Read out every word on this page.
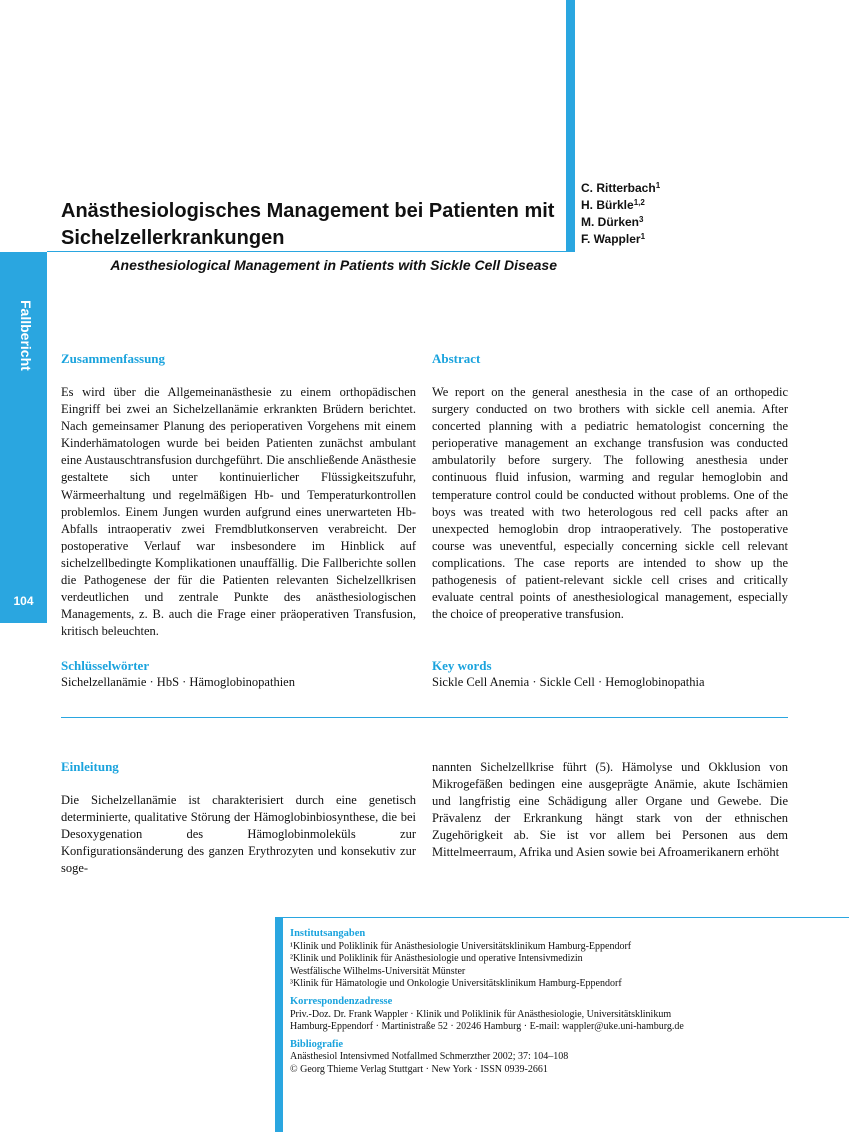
Fallbericht
104
Anästhesiologisches Management bei Patienten mit
Sichelzellerkrankungen
Anesthesiological Management in Patients with Sickle Cell Disease
C. Ritterbach$^1$
H. Bürkle$^{1,2}$
M. Dürken$^3$
F. Wappler$^1$
Zusammenfassung	Abstract
Es wird über die Allgemeinanästhesie zu einem orthopädischen Eingriff bei zwei an Sichelzellanämie erkrankten Brüdern berichtet. Nach gemeinsamer Planung des perioperativen Vorgehens mit einem Kinderhämatologen wurde bei beiden Patienten zunächst ambulant eine Austauschtransfusion durchgeführt. Die anschließende Anästhesie gestaltete sich unter kontinuierlicher Flüssigkeitszufuhr, Wärmeerhaltung und regelmäßigen Hb- und Temperaturkontrollen problemlos. Einem Jungen wurden aufgrund eines unerwarteten Hb-Abfalls intraoperativ zwei Fremdblutkonserven verabreicht. Der postoperative Verlauf war insbesondere im Hinblick auf sichelzellbedingte Komplikationen unauffällig. Die Fallberichte sollen die Pathogenese der für die Patienten relevanten Sichelzellkrisen verdeutlichen und zentrale Punkte des anästhesiologischen Managements, z. B. auch die Frage einer präoperativen Transfusion, kritisch beleuchten.
We report on the general anesthesia in the case of an orthopedic surgery conducted on two brothers with sickle cell anemia. After concerted planning with a pediatric hematologist concerning the perioperative management an exchange transfusion was conducted ambulatorily before surgery. The following anesthesia under continuous fluid infusion, warming and regular hemoglobin and temperature control could be conducted without problems. One of the boys was treated with two heterologous red cell packs after an unexpected hemoglobin drop intraoperatively. The postoperative course was uneventful, especially concerning sickle cell relevant complications. The case reports are intended to show up the pathogenesis of patient-relevant sickle cell crises and critically evaluate central points of anesthesiological management, especially the choice of preoperative transfusion.
Schlüsselwörter	Key words
Sichelzellanämie · HbS · Hämoglobinopathien	Sickle Cell Anemia · Sickle Cell · Hemoglobinopathia
Einleitung
Die Sichelzellanämie ist charakterisiert durch eine genetisch determinierte, qualitative Störung der Hämoglobinbiosynthese, die bei Desoxygenation des Hämoglobinmoleküls zur Konfigurationsänderung des ganzen Erythrozyten und konsekutiv zur soge-
nannten Sichelzellkrise führt (5). Hämolyse und Okklusion von Mikrogefäßen bedingen eine ausgeprägte Anämie, akute Ischämien und langfristig eine Schädigung aller Organe und Gewebe. Die Prävalenz der Erkrankung hängt stark von der ethnischen Zugehörigkeit ab. Sie ist vor allem bei Personen aus dem Mittelmeerraum, Afrika und Asien sowie bei Afroamerikanern erhöht
Institutsangaben
¹Klinik und Poliklinik für Anästhesiologie Universitätsklinikum Hamburg-Eppendorf
²Klinik und Poliklinik für Anästhesiologie und operative Intensivmedizin
Westfälische Wilhelms-Universität Münster
³Klinik für Hämatologie und Onkologie Universitätsklinikum Hamburg-Eppendorf
Korrespondenzadresse
Priv.-Doz. Dr. Frank Wappler · Klinik und Poliklinik für Anästhesiologie, Universitätsklinikum
Hamburg-Eppendorf · Martinistraße 52 · 20246 Hamburg · E-mail: wappler@uke.uni-hamburg.de
Bibliografie
Anästhesiol Intensivmed Notfallmed Schmerzther 2002; 37: 104–108
© Georg Thieme Verlag Stuttgart · New York · ISSN 0939-2661
